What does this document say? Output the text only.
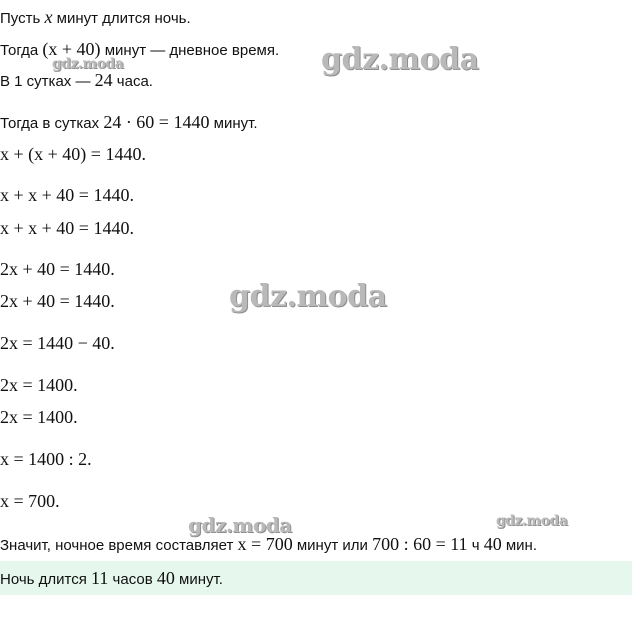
Пусть x минут длится ночь.
Тогда (x + 40) минут — дневное время.
В 1 сутках — 24 часа.
Тогда в сутках 24 · 60 = 1440 минут.
x + (x + 40) = 1440.
x + x + 40 = 1440.
x + x + 40 = 1440.
2x + 40 = 1440.
2x + 40 = 1440.
2x = 1440 − 40.
2x = 1400.
2x = 1400.
x = 1400 : 2.
x = 700.
Значит, ночное время составляет x = 700 минут или 700 : 60 = 11 ч 40 мин.
Ночь длится 11 часов 40 минут.
gdz.moda
gdz.moda
gdz.moda
gdz.moda	gdz.moda
